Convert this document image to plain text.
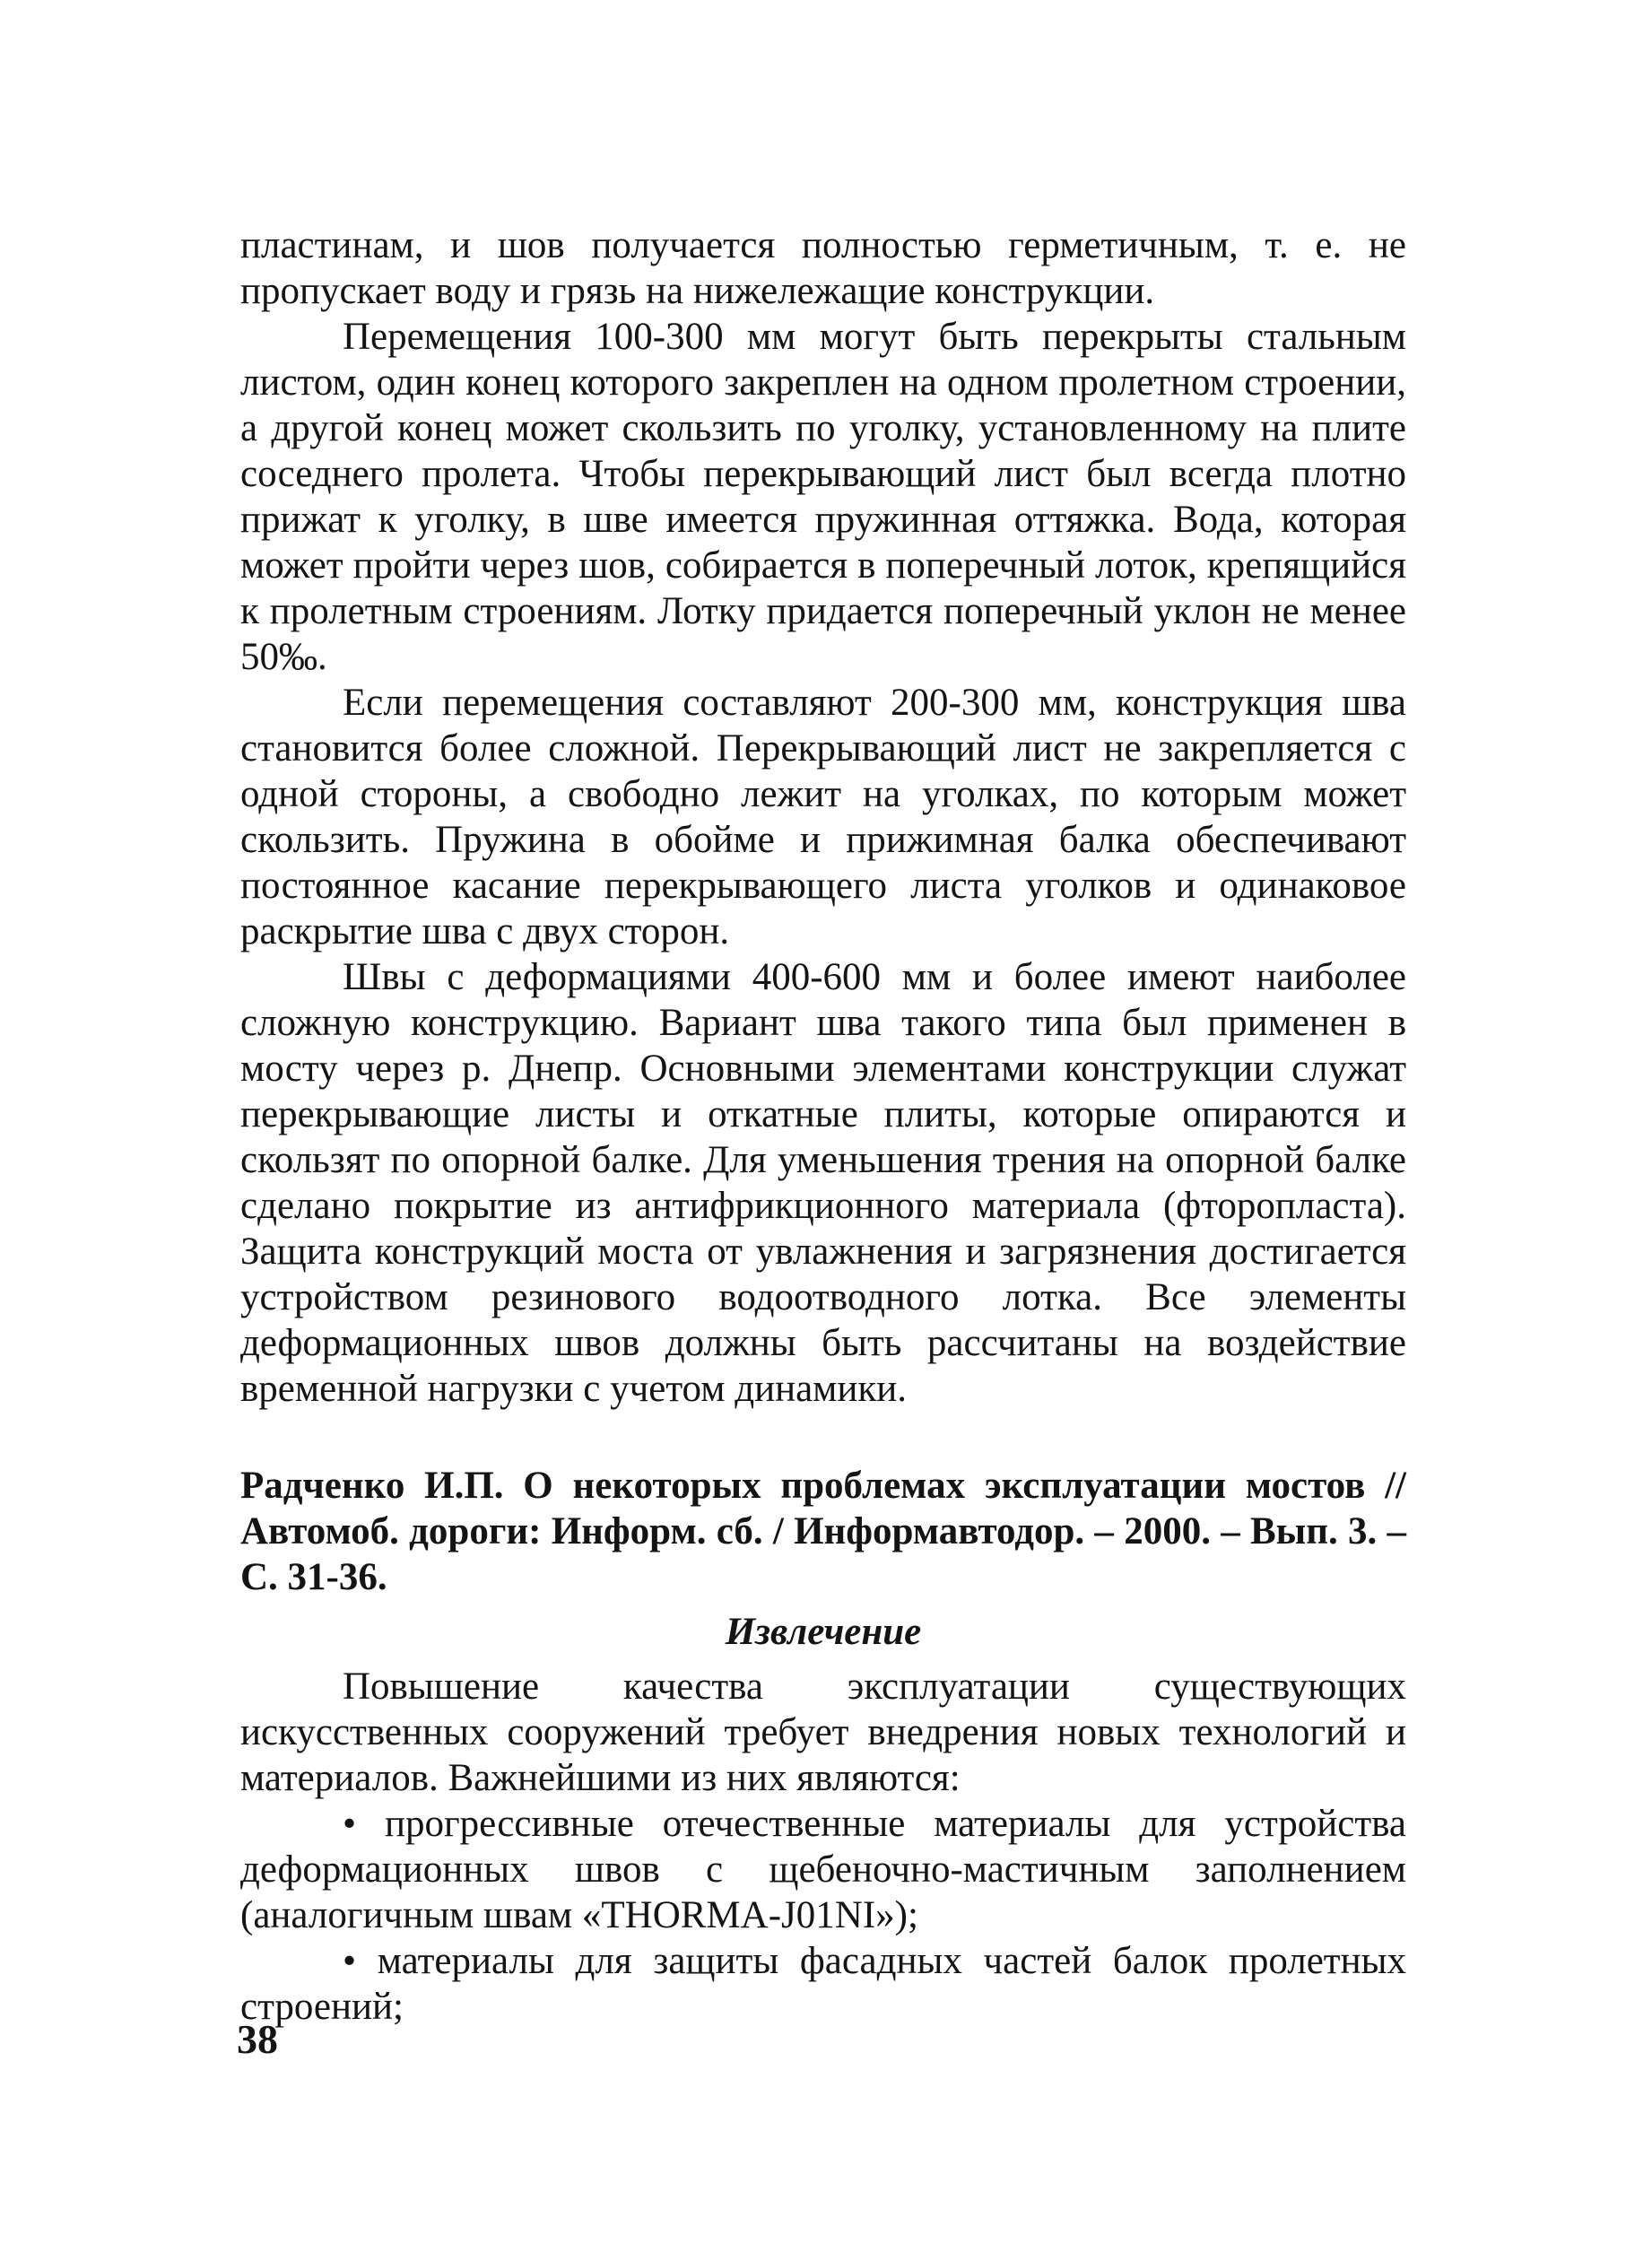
пластинам, и шов получается полностью герметичным, т. е. не пропускает воду и грязь на нижележащие конструкции.

Перемещения 100-300 мм могут быть перекрыты стальным листом, один конец которого закреплен на одном пролетном строении, а другой конец может скользить по уголку, установленному на плите соседнего пролета. Чтобы перекрывающий лист был всегда плотно прижат к уголку, в шве имеется пружинная оттяжка. Вода, которая может пройти через шов, собирается в поперечный лоток, крепящийся к пролетным строениям. Лотку придается поперечный уклон не менее 50‰.

Если перемещения составляют 200-300 мм, конструкция шва становится более сложной. Перекрывающий лист не закрепляется с одной стороны, а свободно лежит на уголках, по которым может скользить. Пружина в обойме и прижимная балка обеспечивают постоянное касание перекрывающего листа уголков и одинаковое раскрытие шва с двух сторон.

Швы с деформациями 400-600 мм и более имеют наиболее сложную конструкцию. Вариант шва такого типа был применен в мосту через р. Днепр. Основными элементами конструкции служат перекрывающие листы и откатные плиты, которые опираются и скользят по опорной балке. Для уменьшения трения на опорной балке сделано покрытие из антифрикционного материала (фторопласта). Защита конструкций моста от увлажнения и загрязнения достигается устройством резинового водоотводного лотка. Все элементы деформационных швов должны быть рассчитаны на воздействие временной нагрузки с учетом динамики.

Радченко И.П. О некоторых проблемах эксплуатации мостов // Автомоб. дороги: Информ. сб. / Информавтодор. – 2000. – Вып. 3. – С. 31-36.
Извлечение

Повышение качества эксплуатации существующих искусственных сооружений требует внедрения новых технологий и материалов. Важнейшими из них являются:

• прогрессивные отечественные материалы для устройства деформационных швов с щебеночно-мастичным заполнением (аналогичным швам «THORMA-J01NI»);

• материалы для защиты фасадных частей балок пролетных строений;

38
